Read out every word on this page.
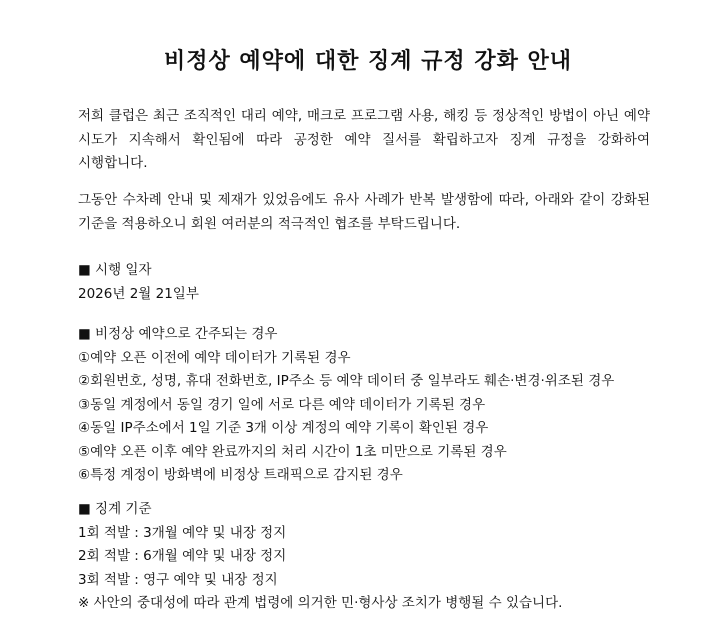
비정상 예약에 대한 징계 규정 강화 안내

저희 클럽은 최근 조직적인 대리 예약, 매크로 프로그램 사용, 해킹 등 정상적인 방법이 아닌 예약 시도가 지속해서 확인됨에 따라 공정한 예약 질서를 확립하고자 징계 규정을 강화하여 시행합니다.

그동안 수차례 안내 및 제재가 있었음에도 유사 사례가 반복 발생함에 따라, 아래와 같이 강화된 기준을 적용하오니 회원 여러분의 적극적인 협조를 부탁드립니다.

■ 시행 일자
2026년 2월 21일부
■ 비정상 예약으로 간주되는 경우
①예약 오픈 이전에 예약 데이터가 기록된 경우
②회원번호, 성명, 휴대 전화번호, IP주소 등 예약 데이터 중 일부라도 훼손·변경·위조된 경우
③동일 계정에서 동일 경기 일에 서로 다른 예약 데이터가 기록된 경우
④동일 IP주소에서 1일 기준 3개 이상 계정의 예약 기록이 확인된 경우
⑤예약 오픈 이후 예약 완료까지의 처리 시간이 1초 미만으로 기록된 경우
⑥특정 계정이 방화벽에 비정상 트래픽으로 감지된 경우
■ 징계 기준
1회 적발 : 3개월 예약 및 내장 정지
2회 적발 : 6개월 예약 및 내장 정지
3회 적발 : 영구 예약 및 내장 정지
※ 사안의 중대성에 따라 관계 법령에 의거한 민·형사상 조치가 병행될 수 있습니다.
